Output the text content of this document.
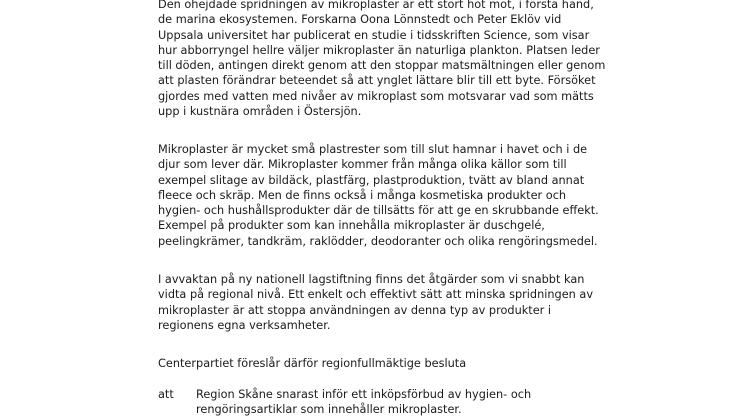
Den ohejdade spridningen av mikroplaster är ett stort hot mot, i första hand,
de marina ekosystemen. Forskarna Oona Lönnstedt och Peter Eklöv vid
Uppsala universitet har publicerat en studie i tidsskriften Science, som visar
hur abborryngel hellre väljer mikroplaster än naturliga plankton. Platsen leder
till döden, antingen direkt genom att den stoppar matsmältningen eller genom
att plasten förändrar beteendet så att ynglet lättare blir till ett byte. Försöket
gjordes med vatten med nivåer av mikroplast som motsvarar vad som mätts
upp i kustnära områden i Östersjön.

Mikroplaster är mycket små plastrester som till slut hamnar i havet och i de
djur som lever där. Mikroplaster kommer från många olika källor som till
exempel slitage av bildäck, plastfärg, plastproduktion, tvätt av bland annat
fleece och skräp. Men de finns också i många kosmetiska produkter och
hygien- och hushållsprodukter där de tillsätts för att ge en skrubbande effekt.
Exempel på produkter som kan innehålla mikroplaster är duschgelé,
peelingkrämer, tandkräm, raklödder, deodoranter och olika rengöringsmedel.

I avvaktan på ny nationell lagstiftning finns det åtgärder som vi snabbt kan
vidta på regional nivå. Ett enkelt och effektivt sätt att minska spridningen av
mikroplaster är att stoppa användningen av denna typ av produkter i
regionens egna verksamheter.

Centerpartiet föreslår därför regionfullmäktige besluta

att Region Skåne snarast inför ett inköpsförbud av hygien- och
rengöringsartiklar som innehåller mikroplaster.
